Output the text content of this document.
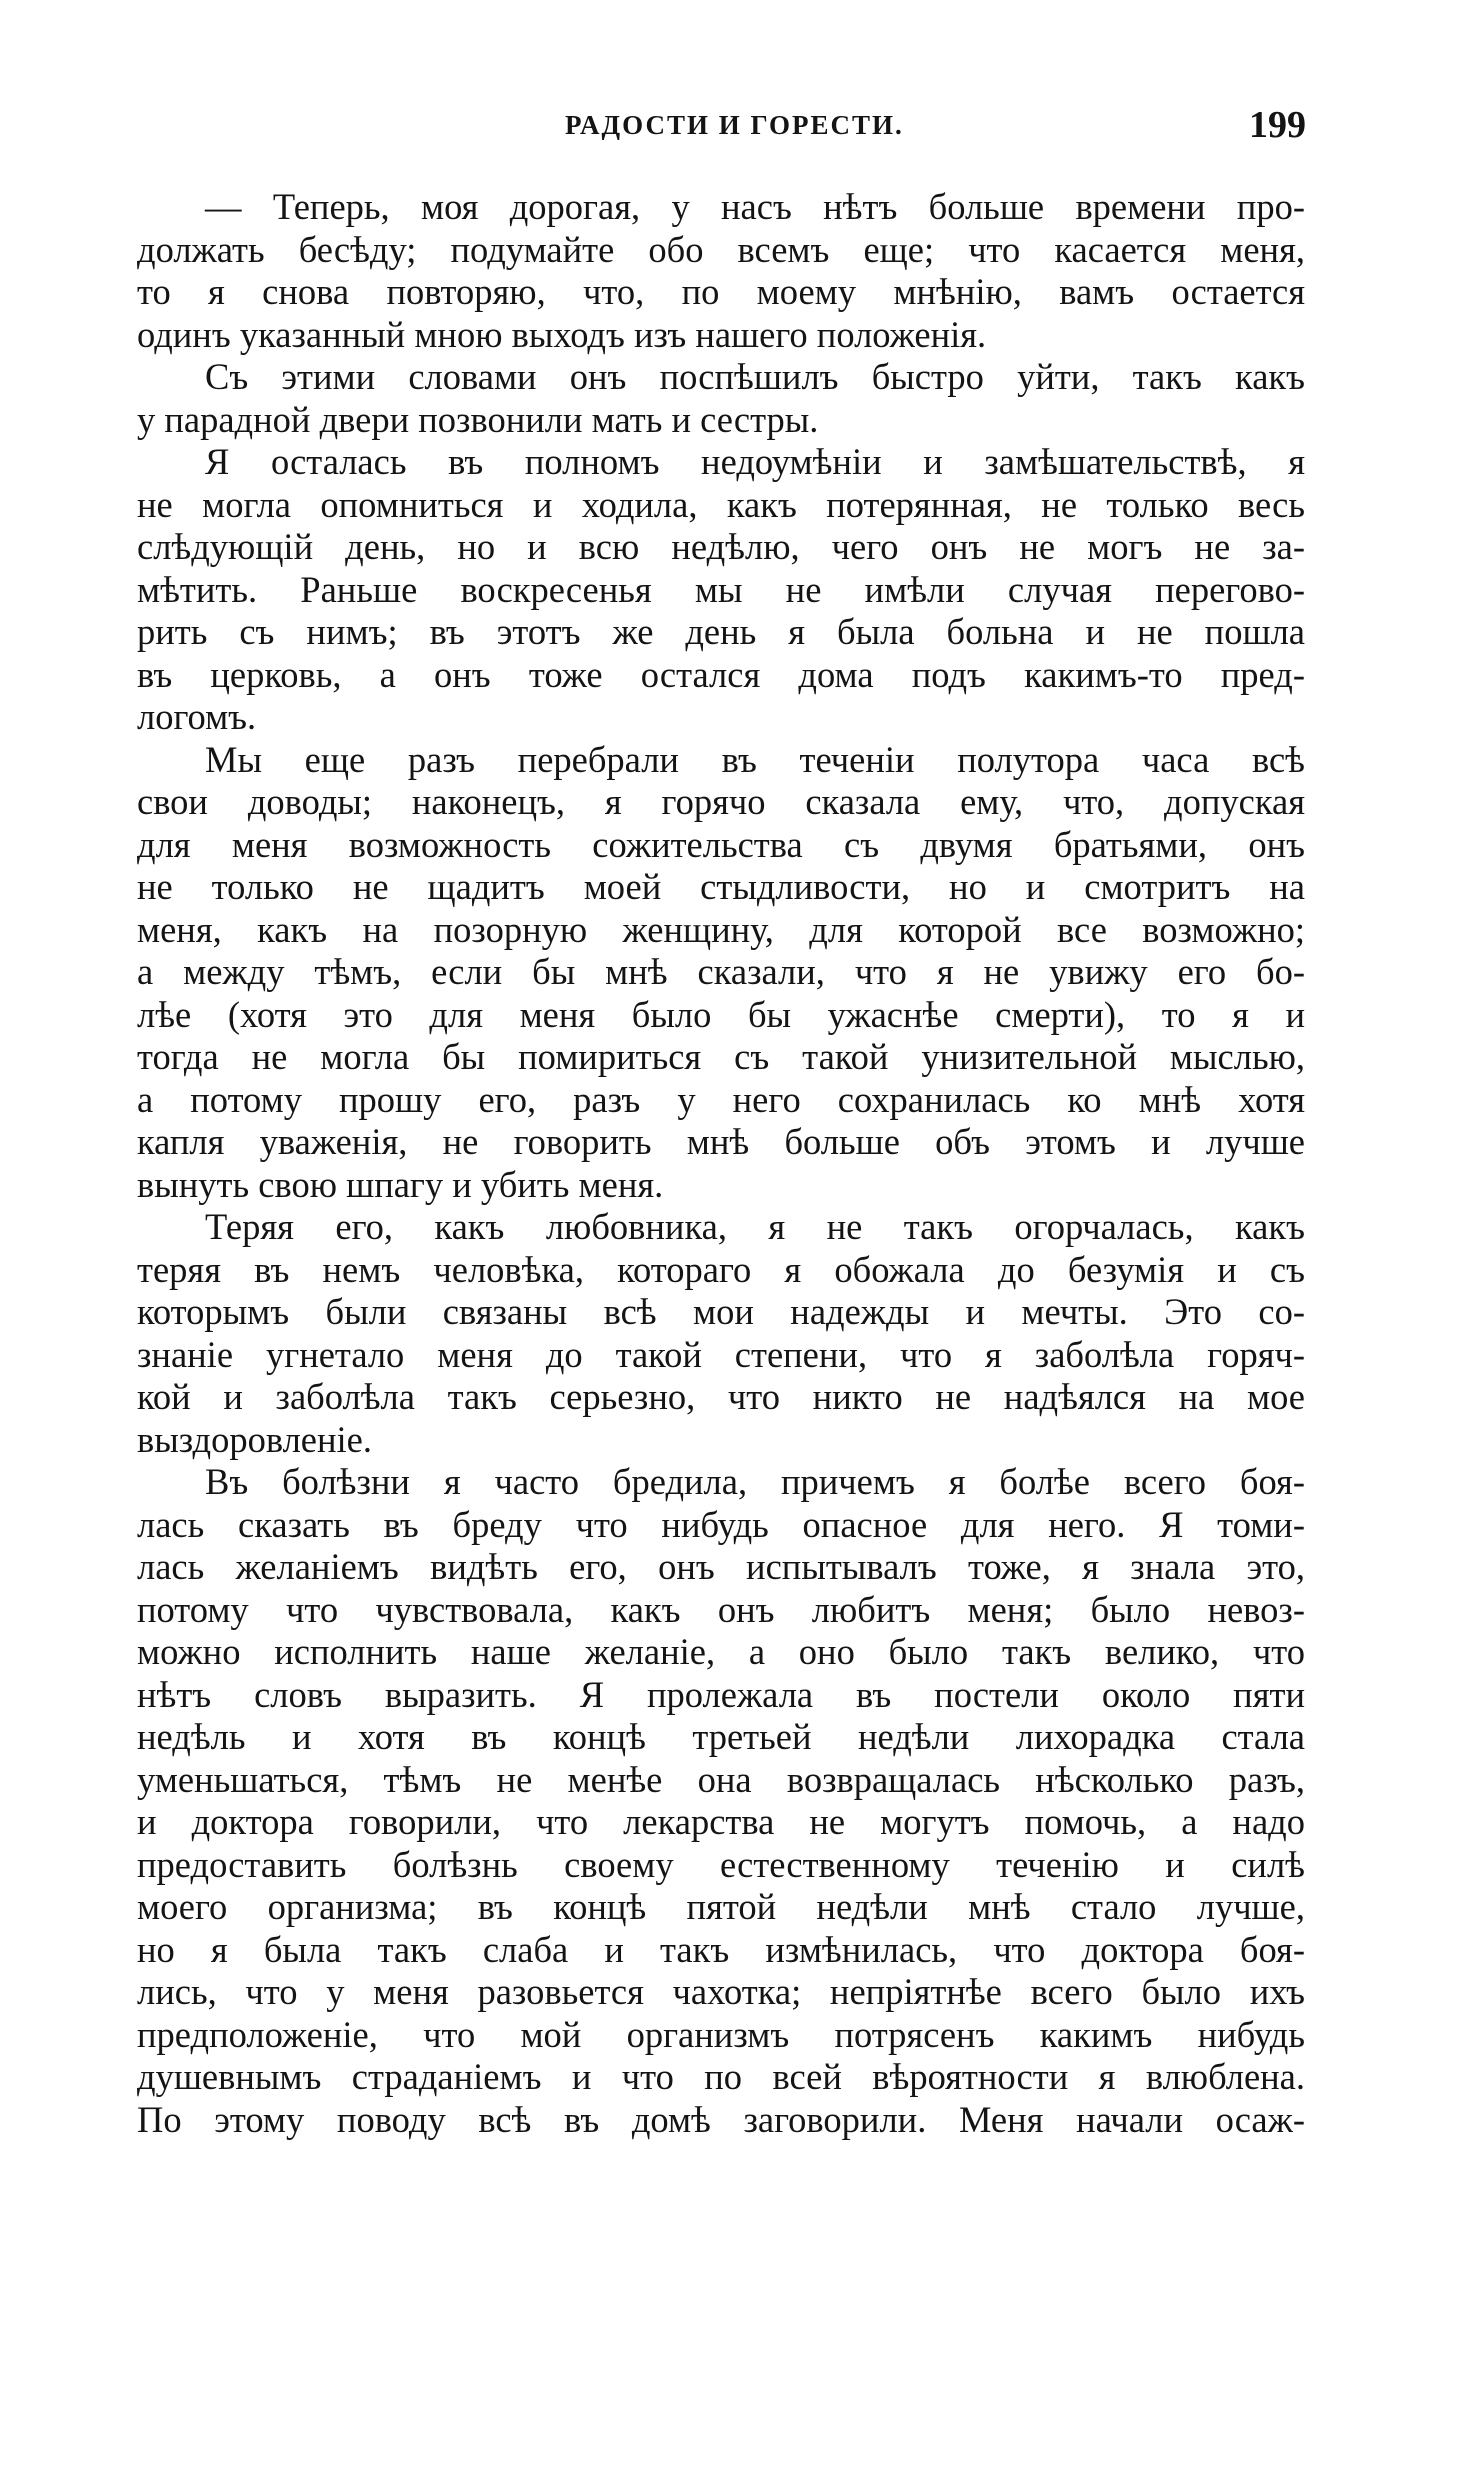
РАДОСТИ И ГОРЕСТИ.	199
— Теперь, моя дорогая, у насъ нѣтъ больше времени про-
должать бесѣду; подумайте обо всемъ еще; что касается меня,
то я снова повторяю, что, по моему мнѣнію, вамъ остается
одинъ указанный мною выходъ изъ нашего положенія.
Съ этими словами онъ поспѣшилъ быстро уйти, такъ какъ
у парадной двери позвонили мать и сестры.
Я осталась въ полномъ недоумѣніи и замѣшательствѣ, я
не могла опомниться и ходила, какъ потерянная, не только весь
слѣдующій день, но и всю недѣлю, чего онъ не могъ не за-
мѣтить. Раньше воскресенья мы не имѣли случая перегово-
рить съ нимъ; въ этотъ же день я была больна и не пошла
въ церковь, а онъ тоже остался дома подъ какимъ-то пред-
логомъ.
Мы еще разъ перебрали въ теченіи полутора часа всѣ
свои доводы; наконецъ, я горячо сказала ему, что, допуская
для меня возможность сожительства съ двумя братьями, онъ
не только не щадитъ моей стыдливости, но и смотритъ на
меня, какъ на позорную женщину, для которой все возможно;
а между тѣмъ, если бы мнѣ сказали, что я не увижу его бо-
лѣе (хотя это для меня было бы ужаснѣе смерти), то я и
тогда не могла бы помириться съ такой унизительной мыслью,
а потому прошу его, разъ у него сохранилась ко мнѣ хотя
капля уваженія, не говорить мнѣ больше объ этомъ и лучше
вынуть свою шпагу и убить меня.
Теряя его, какъ любовника, я не такъ огорчалась, какъ
теряя въ немъ человѣка, котораго я обожала до безумія и съ
которымъ были связаны всѣ мои надежды и мечты. Это со-
знаніе угнетало меня до такой степени, что я заболѣла горяч-
кой и заболѣла такъ серьезно, что никто не надѣялся на мое
выздоровленіе.
Въ болѣзни я часто бредила, причемъ я болѣе всего боя-
лась сказать въ бреду что нибудь опасное для него. Я томи-
лась желаніемъ видѣть его, онъ испытывалъ тоже, я знала это,
потому что чувствовала, какъ онъ любитъ меня; было невоз-
можно исполнить наше желаніе, а оно было такъ велико, что
нѣтъ словъ выразить. Я пролежала въ постели около пяти
недѣль и хотя въ концѣ третьей недѣли лихорадка стала
уменьшаться, тѣмъ не менѣе она возвращалась нѣсколько разъ,
и доктора говорили, что лекарства не могутъ помочь, а надо
предоставить болѣзнь своему естественному теченію и силѣ
моего организма; въ концѣ пятой недѣли мнѣ стало лучше,
но я была такъ слаба и такъ измѣнилась, что доктора боя-
лись, что у меня разовьется чахотка; непріятнѣе всего было ихъ
предположеніе, что мой организмъ потрясенъ какимъ нибудь
душевнымъ страданіемъ и что по всей вѣроятности я влюблена.
По этому поводу всѣ въ домѣ заговорили. Меня начали осаж-
